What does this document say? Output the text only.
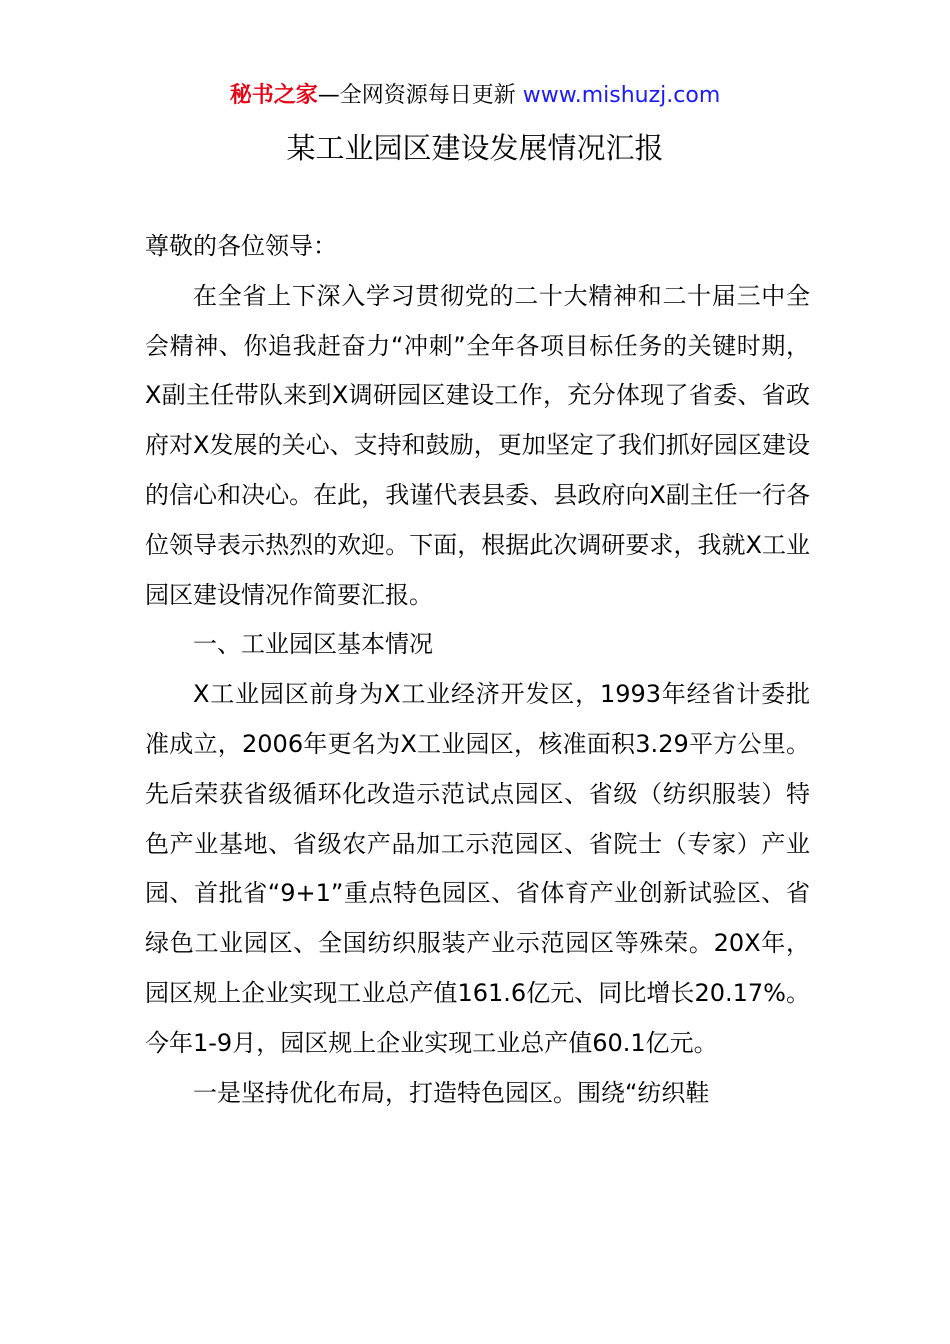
秘书之家—全网资源每日更新 www.mishuzj.com
某工业园区建设发展情况汇报

尊敬的各位领导：

在全省上下深入学习贯彻党的二十大精神和二十届三中全会精神、你追我赶奋力“冲刺”全年各项目标任务的关键时期，X副主任带队来到X调研园区建设工作，充分体现了省委、省政府对X发展的关心、支持和鼓励，更加坚定了我们抓好园区建设的信心和决心。在此，我谨代表县委、县政府向X副主任一行各位领导表示热烈的欢迎。下面，根据此次调研要求，我就X工业园区建设情况作简要汇报。

一、工业园区基本情况

X工业园区前身为X工业经济开发区，1993年经省计委批准成立，2006年更名为X工业园区，核准面积3.29平方公里。先后荣获省级循环化改造示范试点园区、省级（纺织服装）特色产业基地、省级农产品加工示范园区、省院士（专家）产业园、首批省“9+1”重点特色园区、省体育产业创新试验区、省绿色工业园区、全国纺织服装产业示范园区等殊荣。20X年，园区规上企业实现工业总产值161.6亿元、同比增长20.17%。今年1-9月，园区规上企业实现工业总产值60.1亿元。

一是坚持优化布局，打造特色园区。围绕“纺织鞋
